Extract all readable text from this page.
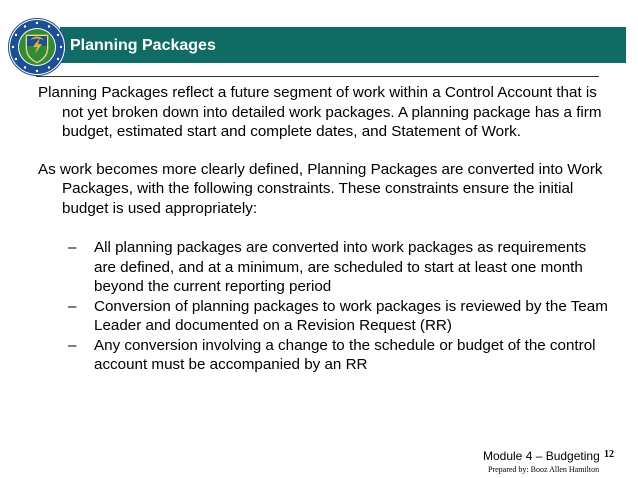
Planning Packages

Planning Packages reflect a future segment of work within a Control Account that is not yet broken down into detailed work packages. A planning package has a firm budget, estimated start and complete dates, and Statement of Work.

As work becomes more clearly defined, Planning Packages are converted into Work Packages, with the following constraints. These constraints ensure the initial budget is used appropriately:

– All planning packages are converted into work packages as requirements are defined, and at a minimum, are scheduled to start at least one month beyond the current reporting period
– Conversion of planning packages to work packages is reviewed by the Team Leader and documented on a Revision Request (RR)
– Any conversion involving a change to the schedule or budget of the control account must be accompanied by an RR
Module 4 – Budgeting 12
Prepared by: Booz Allen Hamilton
